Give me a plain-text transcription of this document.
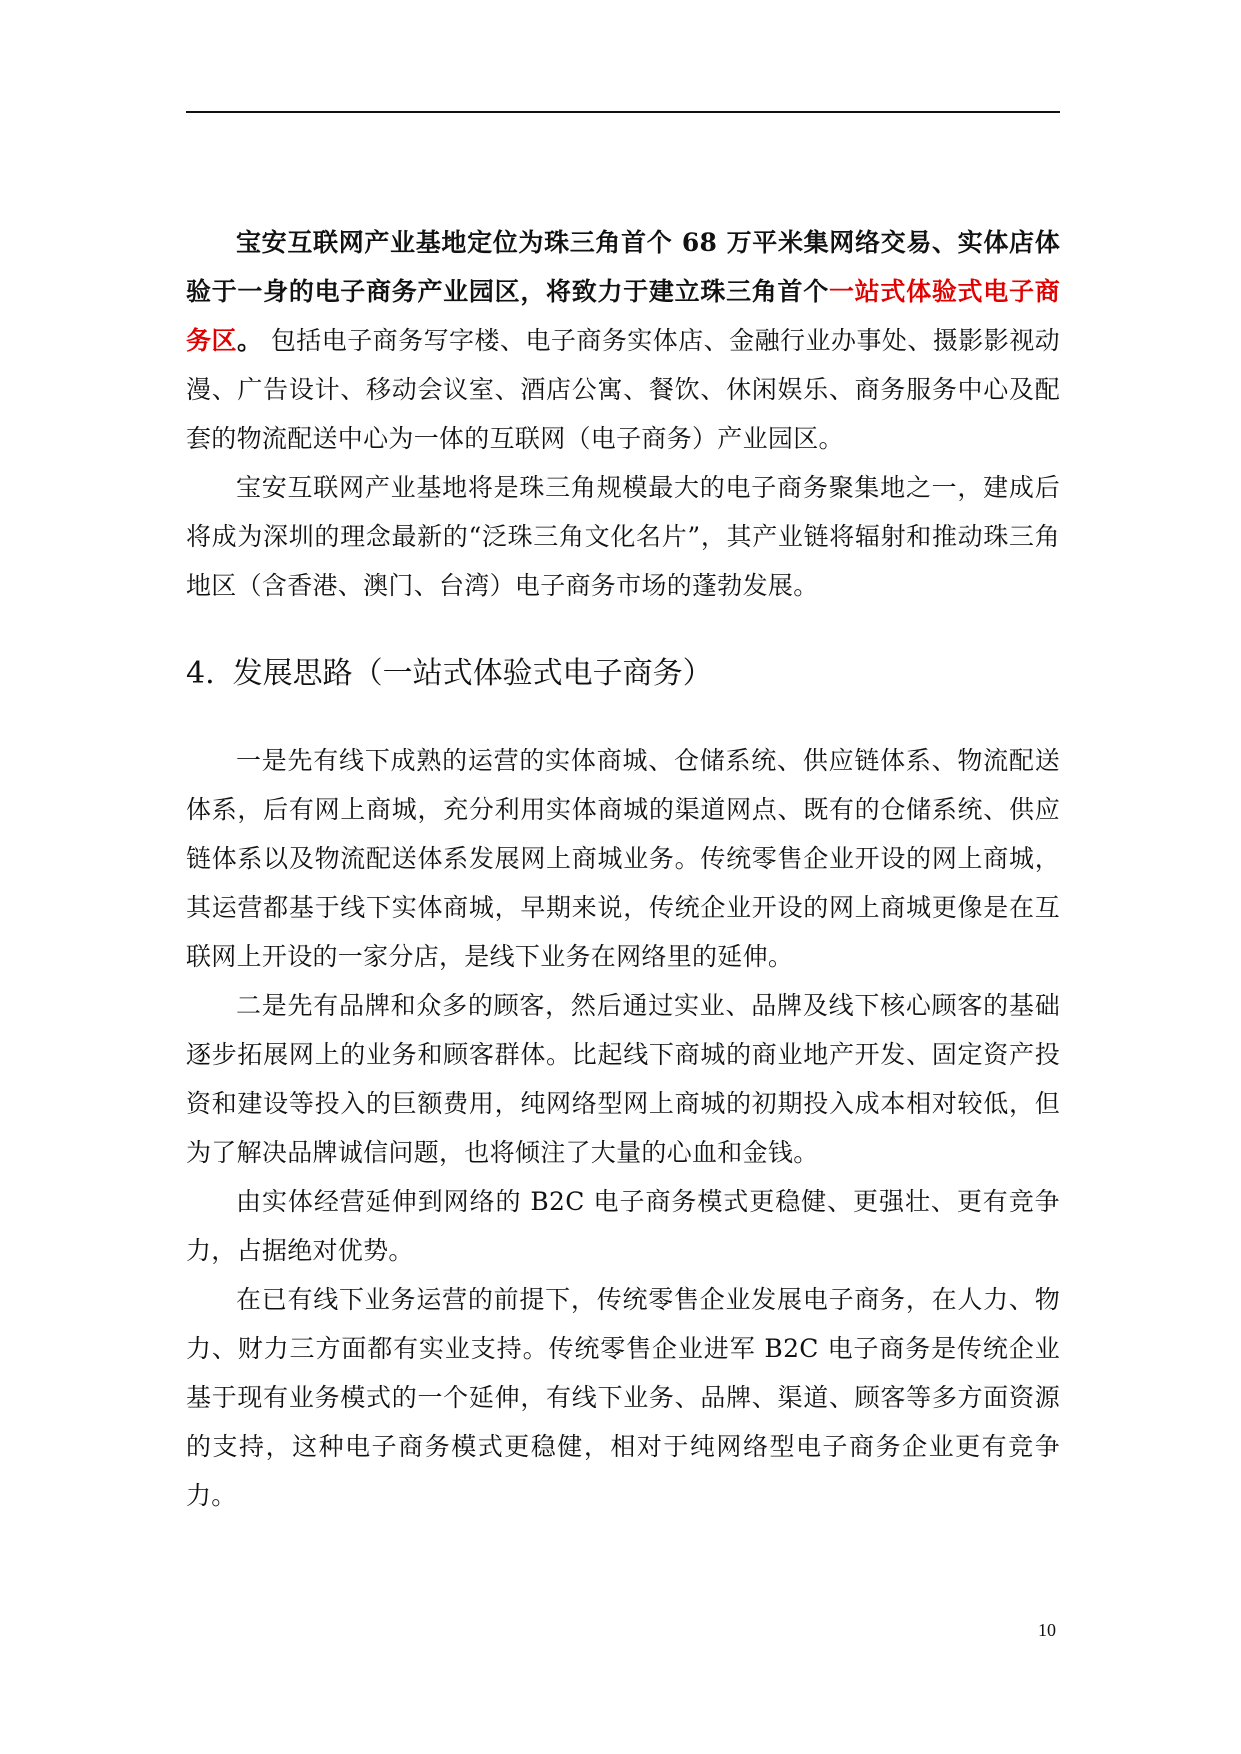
宝安互联网产业基地定位为珠三角首个 68 万平米集网络交易、实体店体验于一身的电子商务产业园区，将致力于建立珠三角首个一站式体验式电子商务区。 包括电子商务写字楼、电子商务实体店、金融行业办事处、摄影影视动漫、广告设计、移动会议室、酒店公寓、餐饮、休闲娱乐、商务服务中心及配套的物流配送中心为一体的互联网（电子商务）产业园区。

宝安互联网产业基地将是珠三角规模最大的电子商务聚集地之一，建成后将成为深圳的理念最新的“泛珠三角文化名片”，其产业链将辐射和推动珠三角地区（含香港、澳门、台湾）电子商务市场的蓬勃发展。

4. 发展思路（一站式体验式电子商务）

一是先有线下成熟的运营的实体商城、仓储系统、供应链体系、物流配送体系，后有网上商城，充分利用实体商城的渠道网点、既有的仓储系统、供应链体系以及物流配送体系发展网上商城业务。传统零售企业开设的网上商城，其运营都基于线下实体商城，早期来说，传统企业开设的网上商城更像是在互联网上开设的一家分店，是线下业务在网络里的延伸。

二是先有品牌和众多的顾客，然后通过实业、品牌及线下核心顾客的基础逐步拓展网上的业务和顾客群体。比起线下商城的商业地产开发、固定资产投资和建设等投入的巨额费用，纯网络型网上商城的初期投入成本相对较低，但为了解决品牌诚信问题，也将倾注了大量的心血和金钱。

由实体经营延伸到网络的 B2C 电子商务模式更稳健、更强壮、更有竞争力，占据绝对优势。

在已有线下业务运营的前提下，传统零售企业发展电子商务，在人力、物力、财力三方面都有实业支持。传统零售企业进军 B2C 电子商务是传统企业基于现有业务模式的一个延伸，有线下业务、品牌、渠道、顾客等多方面资源的支持，这种电子商务模式更稳健，相对于纯网络型电子商务企业更有竞争力。

10
